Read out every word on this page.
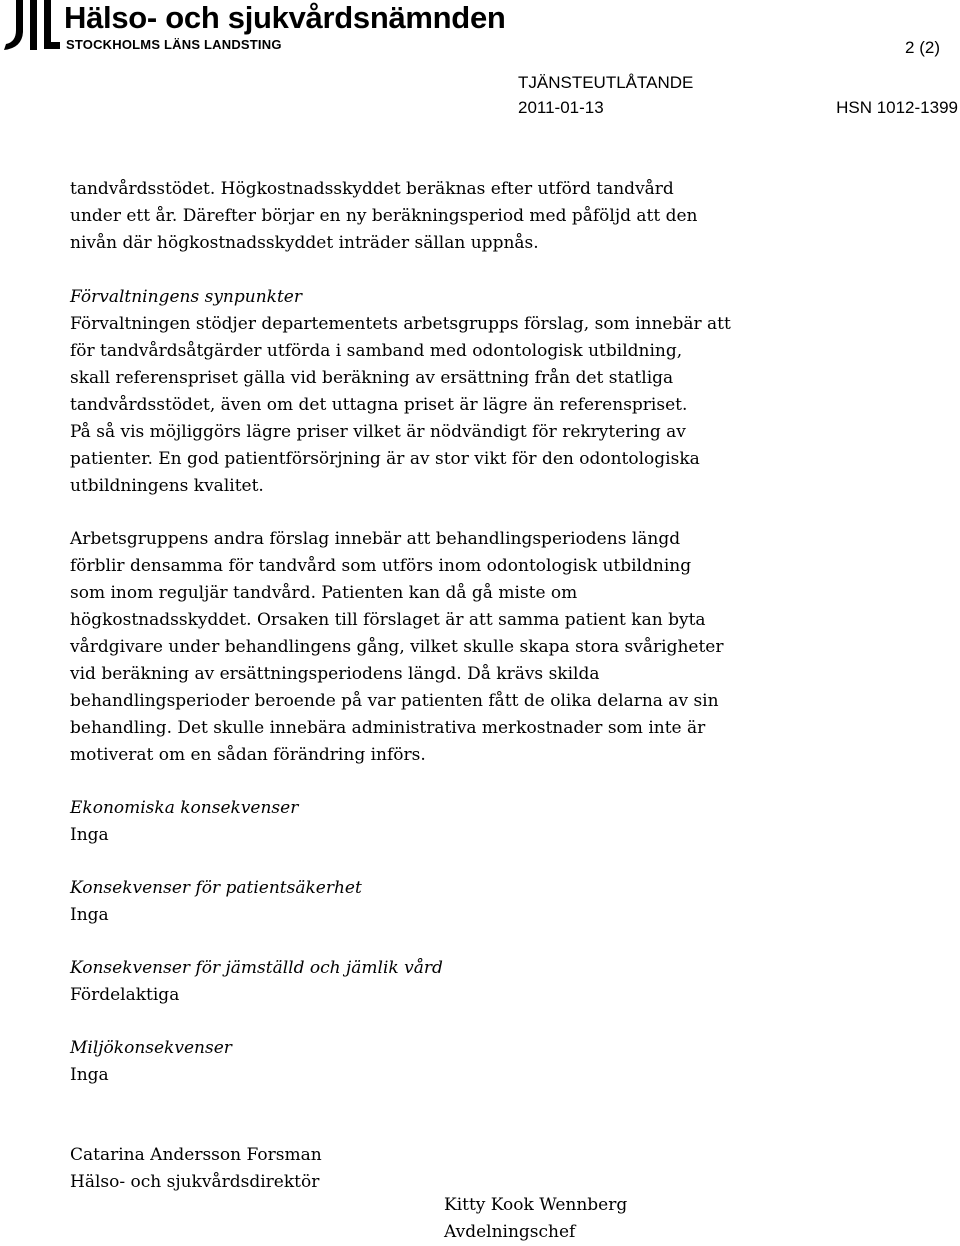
Hälso- och sjukvårdsnämnden
STOCKHOLMS LÄNS LANDSTING	2 (2)
TJÄNSTEUTLÅTANDE
2011-01-13	HSN 1012-1399

tandvårdsstödet. Högkostnadsskyddet beräknas efter utförd tandvård

under ett år. Därefter börjar en ny beräkningsperiod med påföljd att den

nivån där högkostnadsskyddet inträder sällan uppnås.

Förvaltningens synpunkter

Förvaltningen stödjer departementets arbetsgrupps förslag, som innebär att

för tandvårdsåtgärder utförda i samband med odontologisk utbildning,

skall referenspriset gälla vid beräkning av ersättning från det statliga

tandvårdsstödet, även om det uttagna priset är lägre än referenspriset.

På så vis möjliggörs lägre priser vilket är nödvändigt för rekrytering av

patienter. En god patientförsörjning är av stor vikt för den odontologiska

utbildningens kvalitet.

Arbetsgruppens andra förslag innebär att behandlingsperiodens längd

förblir densamma för tandvård som utförs inom odontologisk utbildning

som inom reguljär tandvård. Patienten kan då gå miste om

högkostnadsskyddet. Orsaken till förslaget är att samma patient kan byta

vårdgivare under behandlingens gång, vilket skulle skapa stora svårigheter

vid beräkning av ersättningsperiodens längd. Då krävs skilda

behandlingsperioder beroende på var patienten fått de olika delarna av sin

behandling. Det skulle innebära administrativa merkostnader som inte är

motiverat om en sådan förändring införs.

Ekonomiska konsekvenser

Inga

Konsekvenser för patientsäkerhet

Inga

Konsekvenser för jämställd och jämlik vård

Fördelaktiga

Miljökonsekvenser

Inga

Catarina Andersson Forsman

Hälso- och sjukvårdsdirektör

Kitty Kook Wennberg

Avdelningschef
